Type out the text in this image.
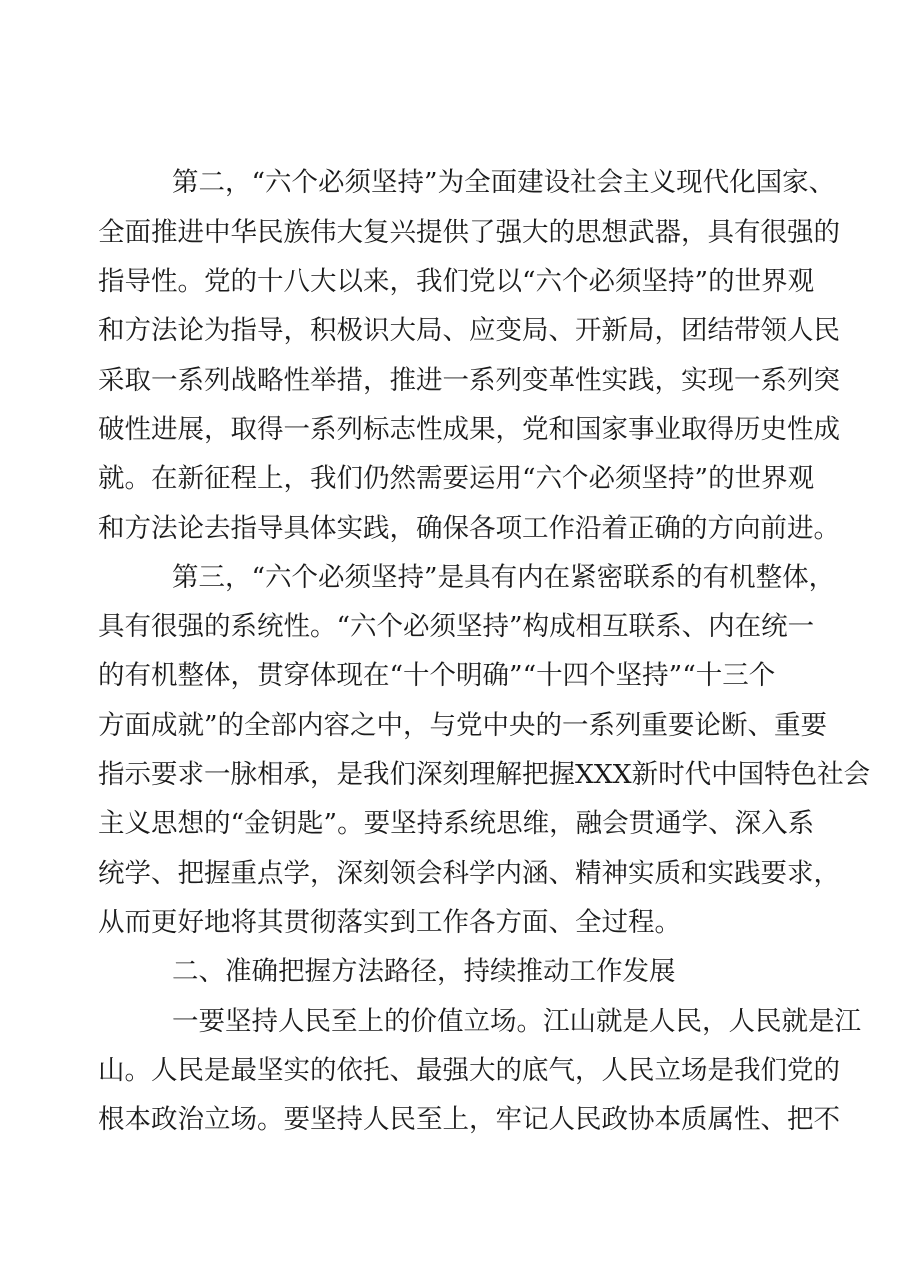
第二，“六个必须坚持”为全面建设社会主义现代化国家、
全面推进中华民族伟大复兴提供了强大的思想武器，具有很强的
指导性。党的十八大以来，我们党以“六个必须坚持”的世界观
和方法论为指导，积极识大局、应变局、开新局，团结带领人民
采取一系列战略性举措，推进一系列变革性实践，实现一系列突
破性进展，取得一系列标志性成果，党和国家事业取得历史性成
就。在新征程上，我们仍然需要运用“六个必须坚持”的世界观
和方法论去指导具体实践，确保各项工作沿着正确的方向前进。
第三，“六个必须坚持”是具有内在紧密联系的有机整体，
具有很强的系统性。“六个必须坚持”构成相互联系、内在统一
的有机整体，贯穿体现在“十个明确”“十四个坚持”“十三个
方面成就”的全部内容之中，与党中央的一系列重要论断、重要
指示要求一脉相承，是我们深刻理解把握XXX新时代中国特色社会
主义思想的“金钥匙”。要坚持系统思维，融会贯通学、深入系
统学、把握重点学，深刻领会科学内涵、精神实质和实践要求，
从而更好地将其贯彻落实到工作各方面、全过程。
二、准确把握方法路径，持续推动工作发展
一要坚持人民至上的价值立场。江山就是人民，人民就是江
山。人民是最坚实的依托、最强大的底气，人民立场是我们党的
根本政治立场。要坚持人民至上，牢记人民政协本质属性、把不
